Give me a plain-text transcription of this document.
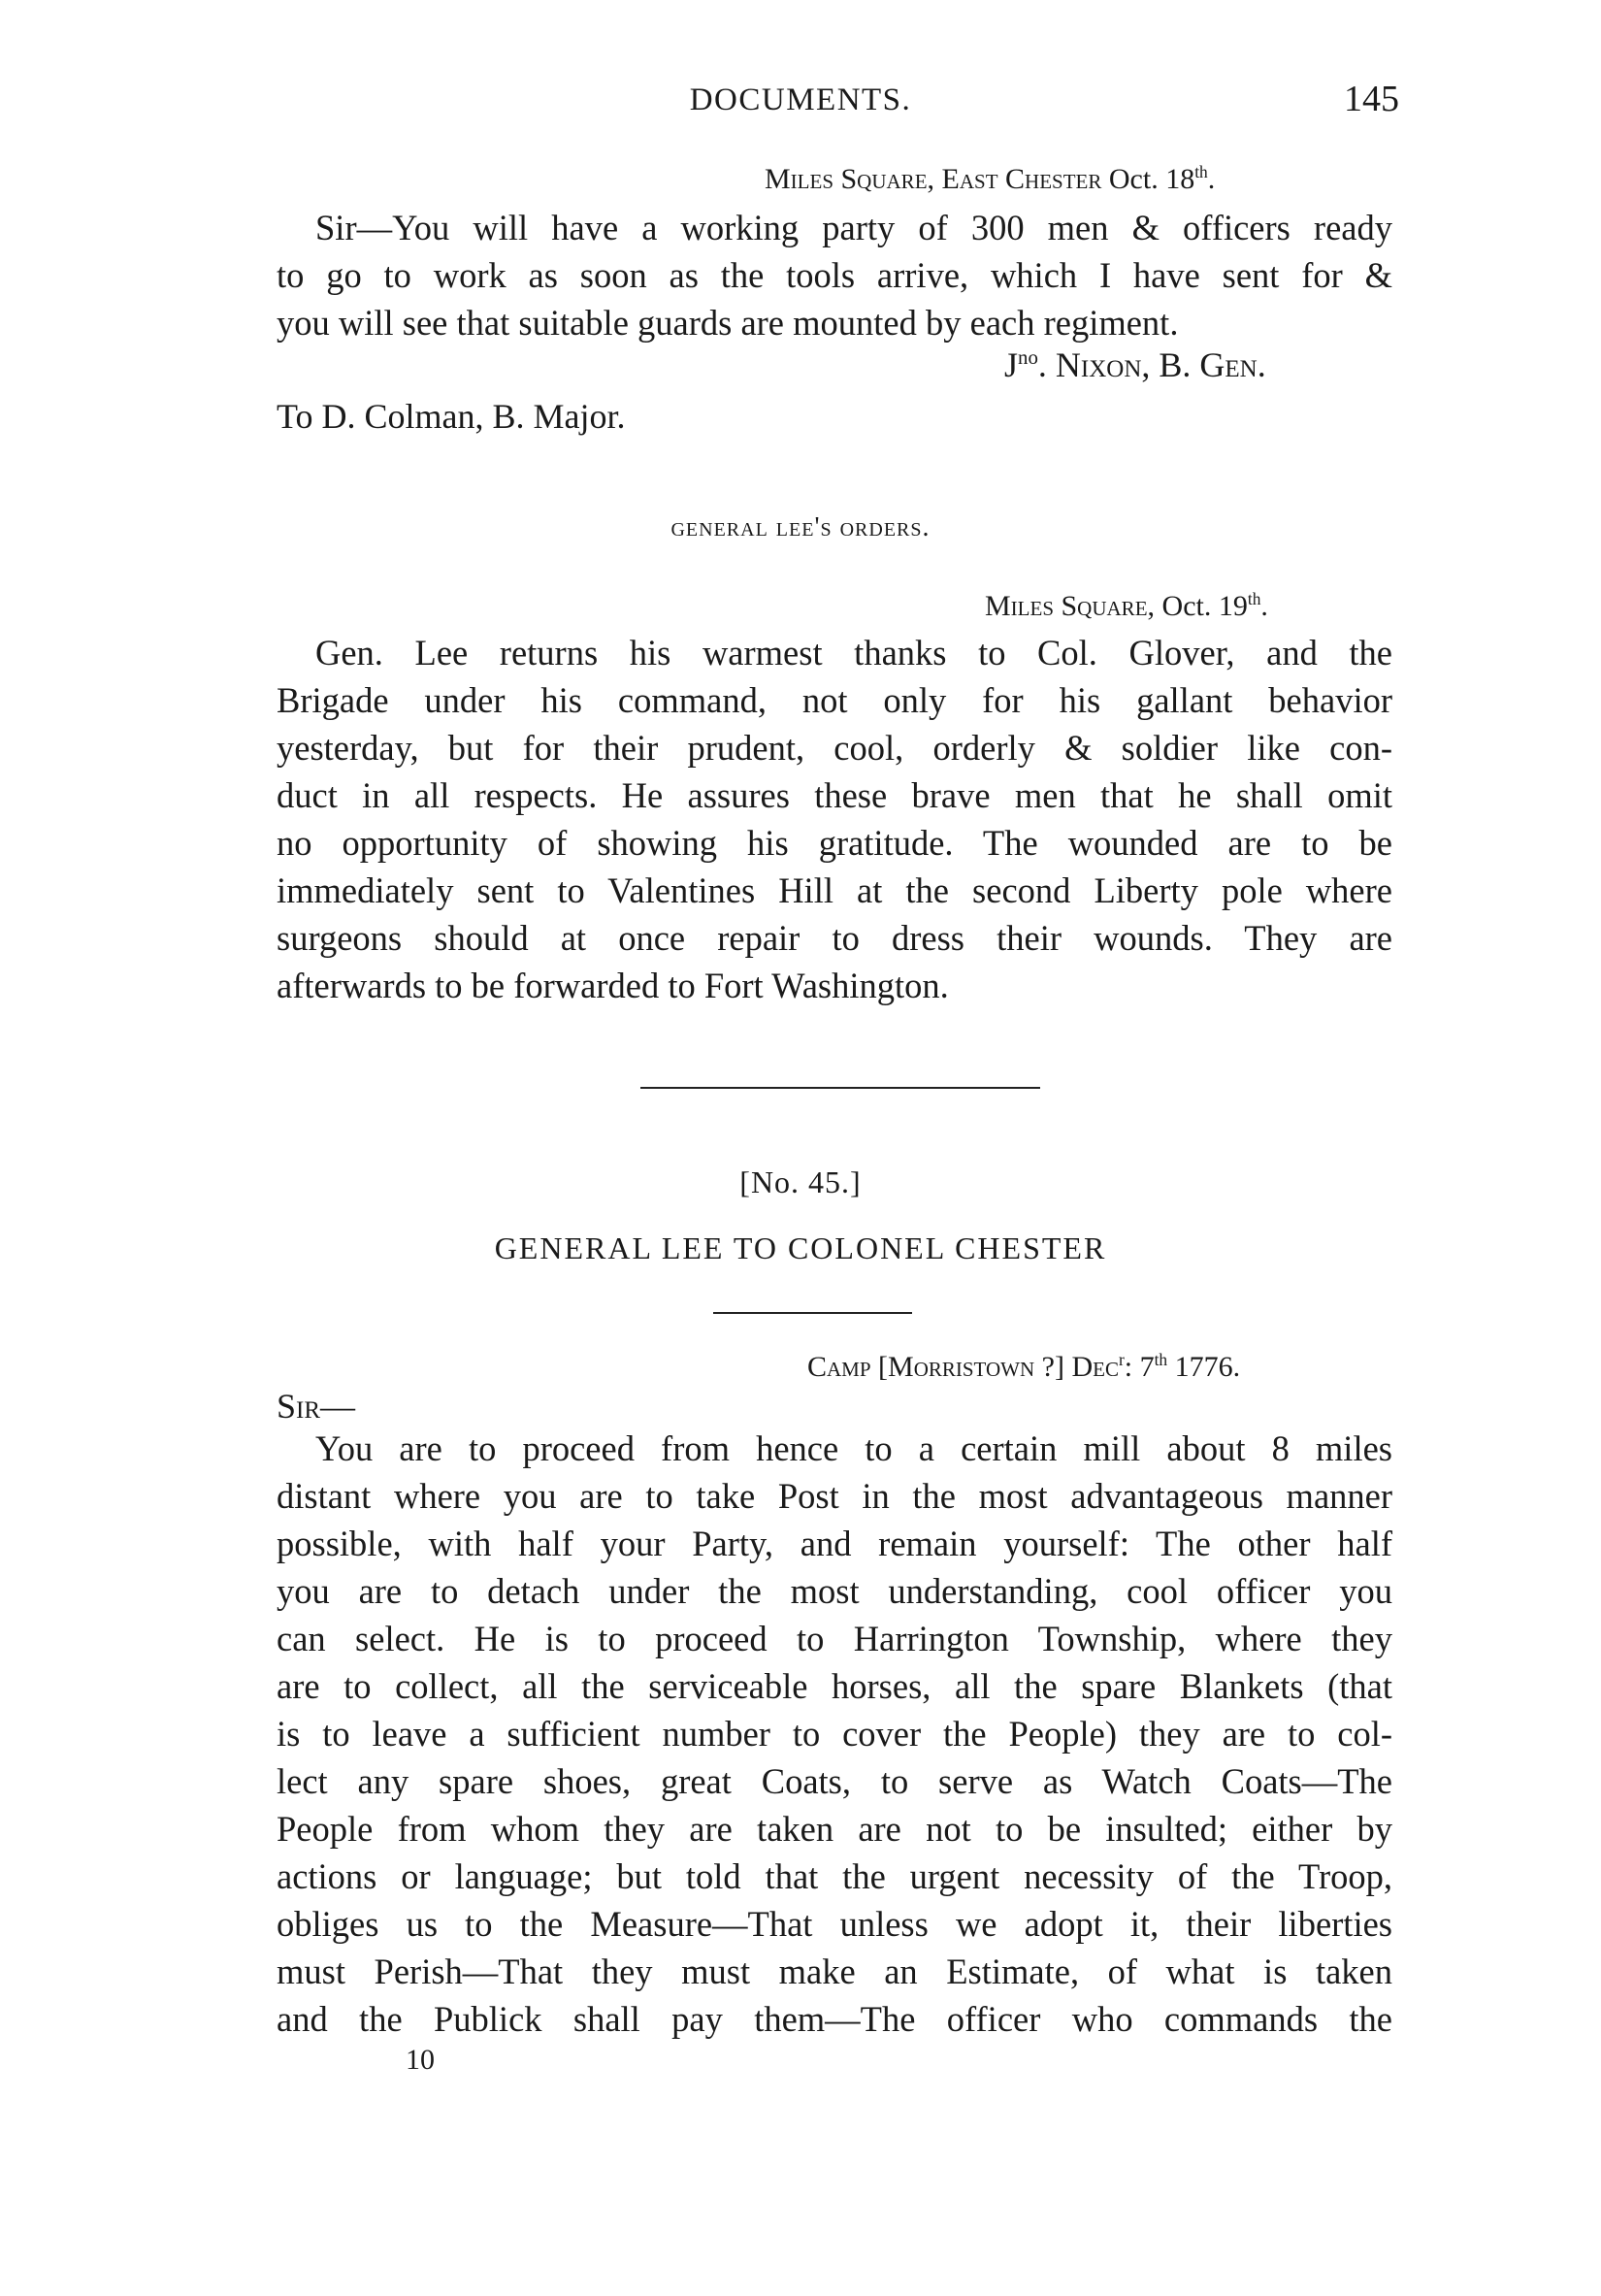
DOCUMENTS.	145
Miles Square, East Chester Oct. 18th.
Sir—You will have a working party of 300 men & officers ready
to go to work as soon as the tools arrive, which I have sent for &
you will see that suitable guards are mounted by each regiment.
$J^{no}$. Nixon, B. Gen.
To D. Colman, B. Major.
general lee's orders.
Miles Square, Oct. 19th.
Gen. Lee returns his warmest thanks to Col. Glover, and the
Brigade under his command, not only for his gallant behavior
yesterday, but for their prudent, cool, orderly & soldier like con-
duct in all respects. He assures these brave men that he shall omit
no opportunity of showing his gratitude. The wounded are to be
immediately sent to Valentines Hill at the second Liberty pole where
surgeons should at once repair to dress their wounds. They are
afterwards to be forwarded to Fort Washington.
[No. 45.]
GENERAL LEE TO COLONEL CHESTER
Camp [Morristown ?] Dec$^r$: 7th 1776.
Sir—
You are to proceed from hence to a certain mill about 8 miles
distant where you are to take Post in the most advantageous manner
possible, with half your Party, and remain yourself: The other half
you are to detach under the most understanding, cool officer you
can select. He is to proceed to Harrington Township, where they
are to collect, all the serviceable horses, all the spare Blankets (that
is to leave a sufficient number to cover the People) they are to col-
lect any spare shoes, great Coats, to serve as Watch Coats—The
People from whom they are taken are not to be insulted; either by
actions or language; but told that the urgent necessity of the Troop,
obliges us to the Measure—That unless we adopt it, their liberties
must Perish—That they must make an Estimate, of what is taken
and the Publick shall pay them—The officer who commands the
10
